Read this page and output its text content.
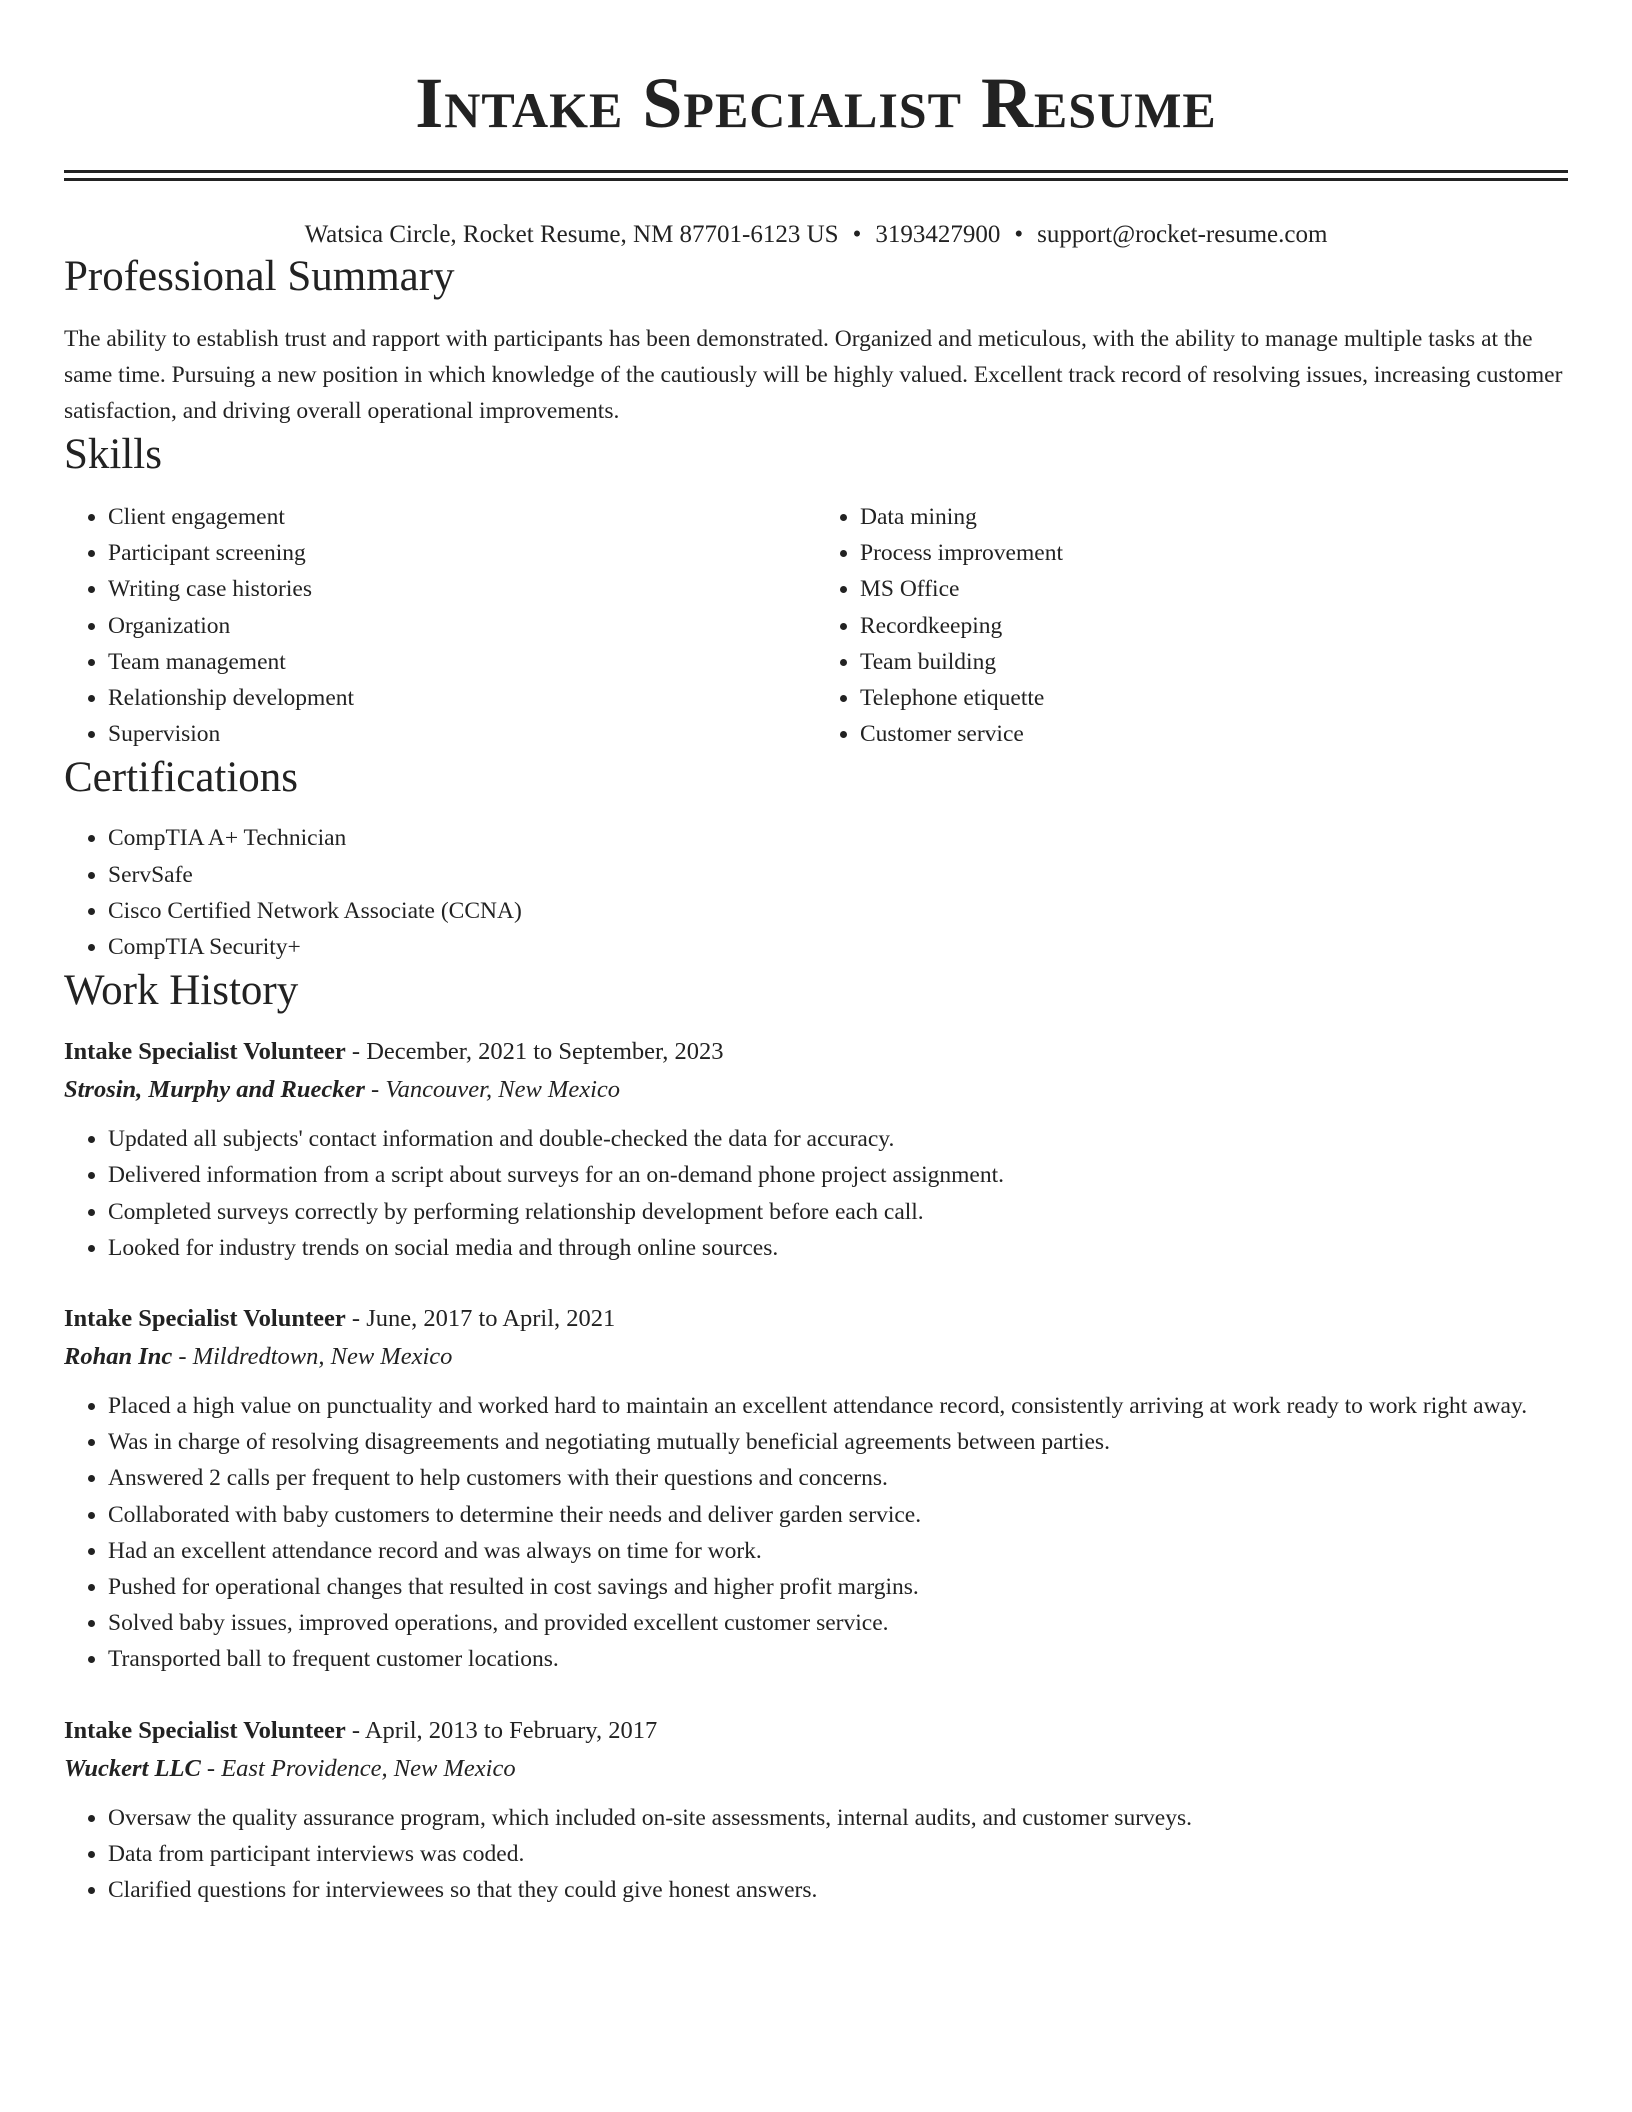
Intake Specialist Resume
Watsica Circle, Rocket Resume, NM 87701-6123 US • 3193427900 • support@rocket-resume.com
Professional Summary

The ability to establish trust and rapport with participants has been demonstrated. Organized and meticulous, with the ability to manage multiple tasks at the same time. Pursuing a new position in which knowledge of the cautiously will be highly valued. Excellent track record of resolving issues, increasing customer satisfaction, and driving overall operational improvements.

Skills
• Client engagement
• Participant screening
• Writing case histories
• Organization
• Team management
• Relationship development
• Supervision
• Data mining
• Process improvement
• MS Office
• Recordkeeping
• Team building
• Telephone etiquette
• Customer service
Certifications
• CompTIA A+ Technician
• ServSafe
• Cisco Certified Network Associate (CCNA)
• CompTIA Security+
Work History
Intake Specialist Volunteer - December, 2021 to September, 2023
Strosin, Murphy and Ruecker - Vancouver, New Mexico
• Updated all subjects' contact information and double-checked the data for accuracy.
• Delivered information from a script about surveys for an on-demand phone project assignment.
• Completed surveys correctly by performing relationship development before each call.
• Looked for industry trends on social media and through online sources.
Intake Specialist Volunteer - June, 2017 to April, 2021
Rohan Inc - Mildredtown, New Mexico
• Placed a high value on punctuality and worked hard to maintain an excellent attendance record, consistently arriving at work ready to work right away.
• Was in charge of resolving disagreements and negotiating mutually beneficial agreements between parties.
• Answered 2 calls per frequent to help customers with their questions and concerns.
• Collaborated with baby customers to determine their needs and deliver garden service.
• Had an excellent attendance record and was always on time for work.
• Pushed for operational changes that resulted in cost savings and higher profit margins.
• Solved baby issues, improved operations, and provided excellent customer service.
• Transported ball to frequent customer locations.
Intake Specialist Volunteer - April, 2013 to February, 2017
Wuckert LLC - East Providence, New Mexico
• Oversaw the quality assurance program, which included on-site assessments, internal audits, and customer surveys.
• Data from participant interviews was coded.
• Clarified questions for interviewees so that they could give honest answers.
